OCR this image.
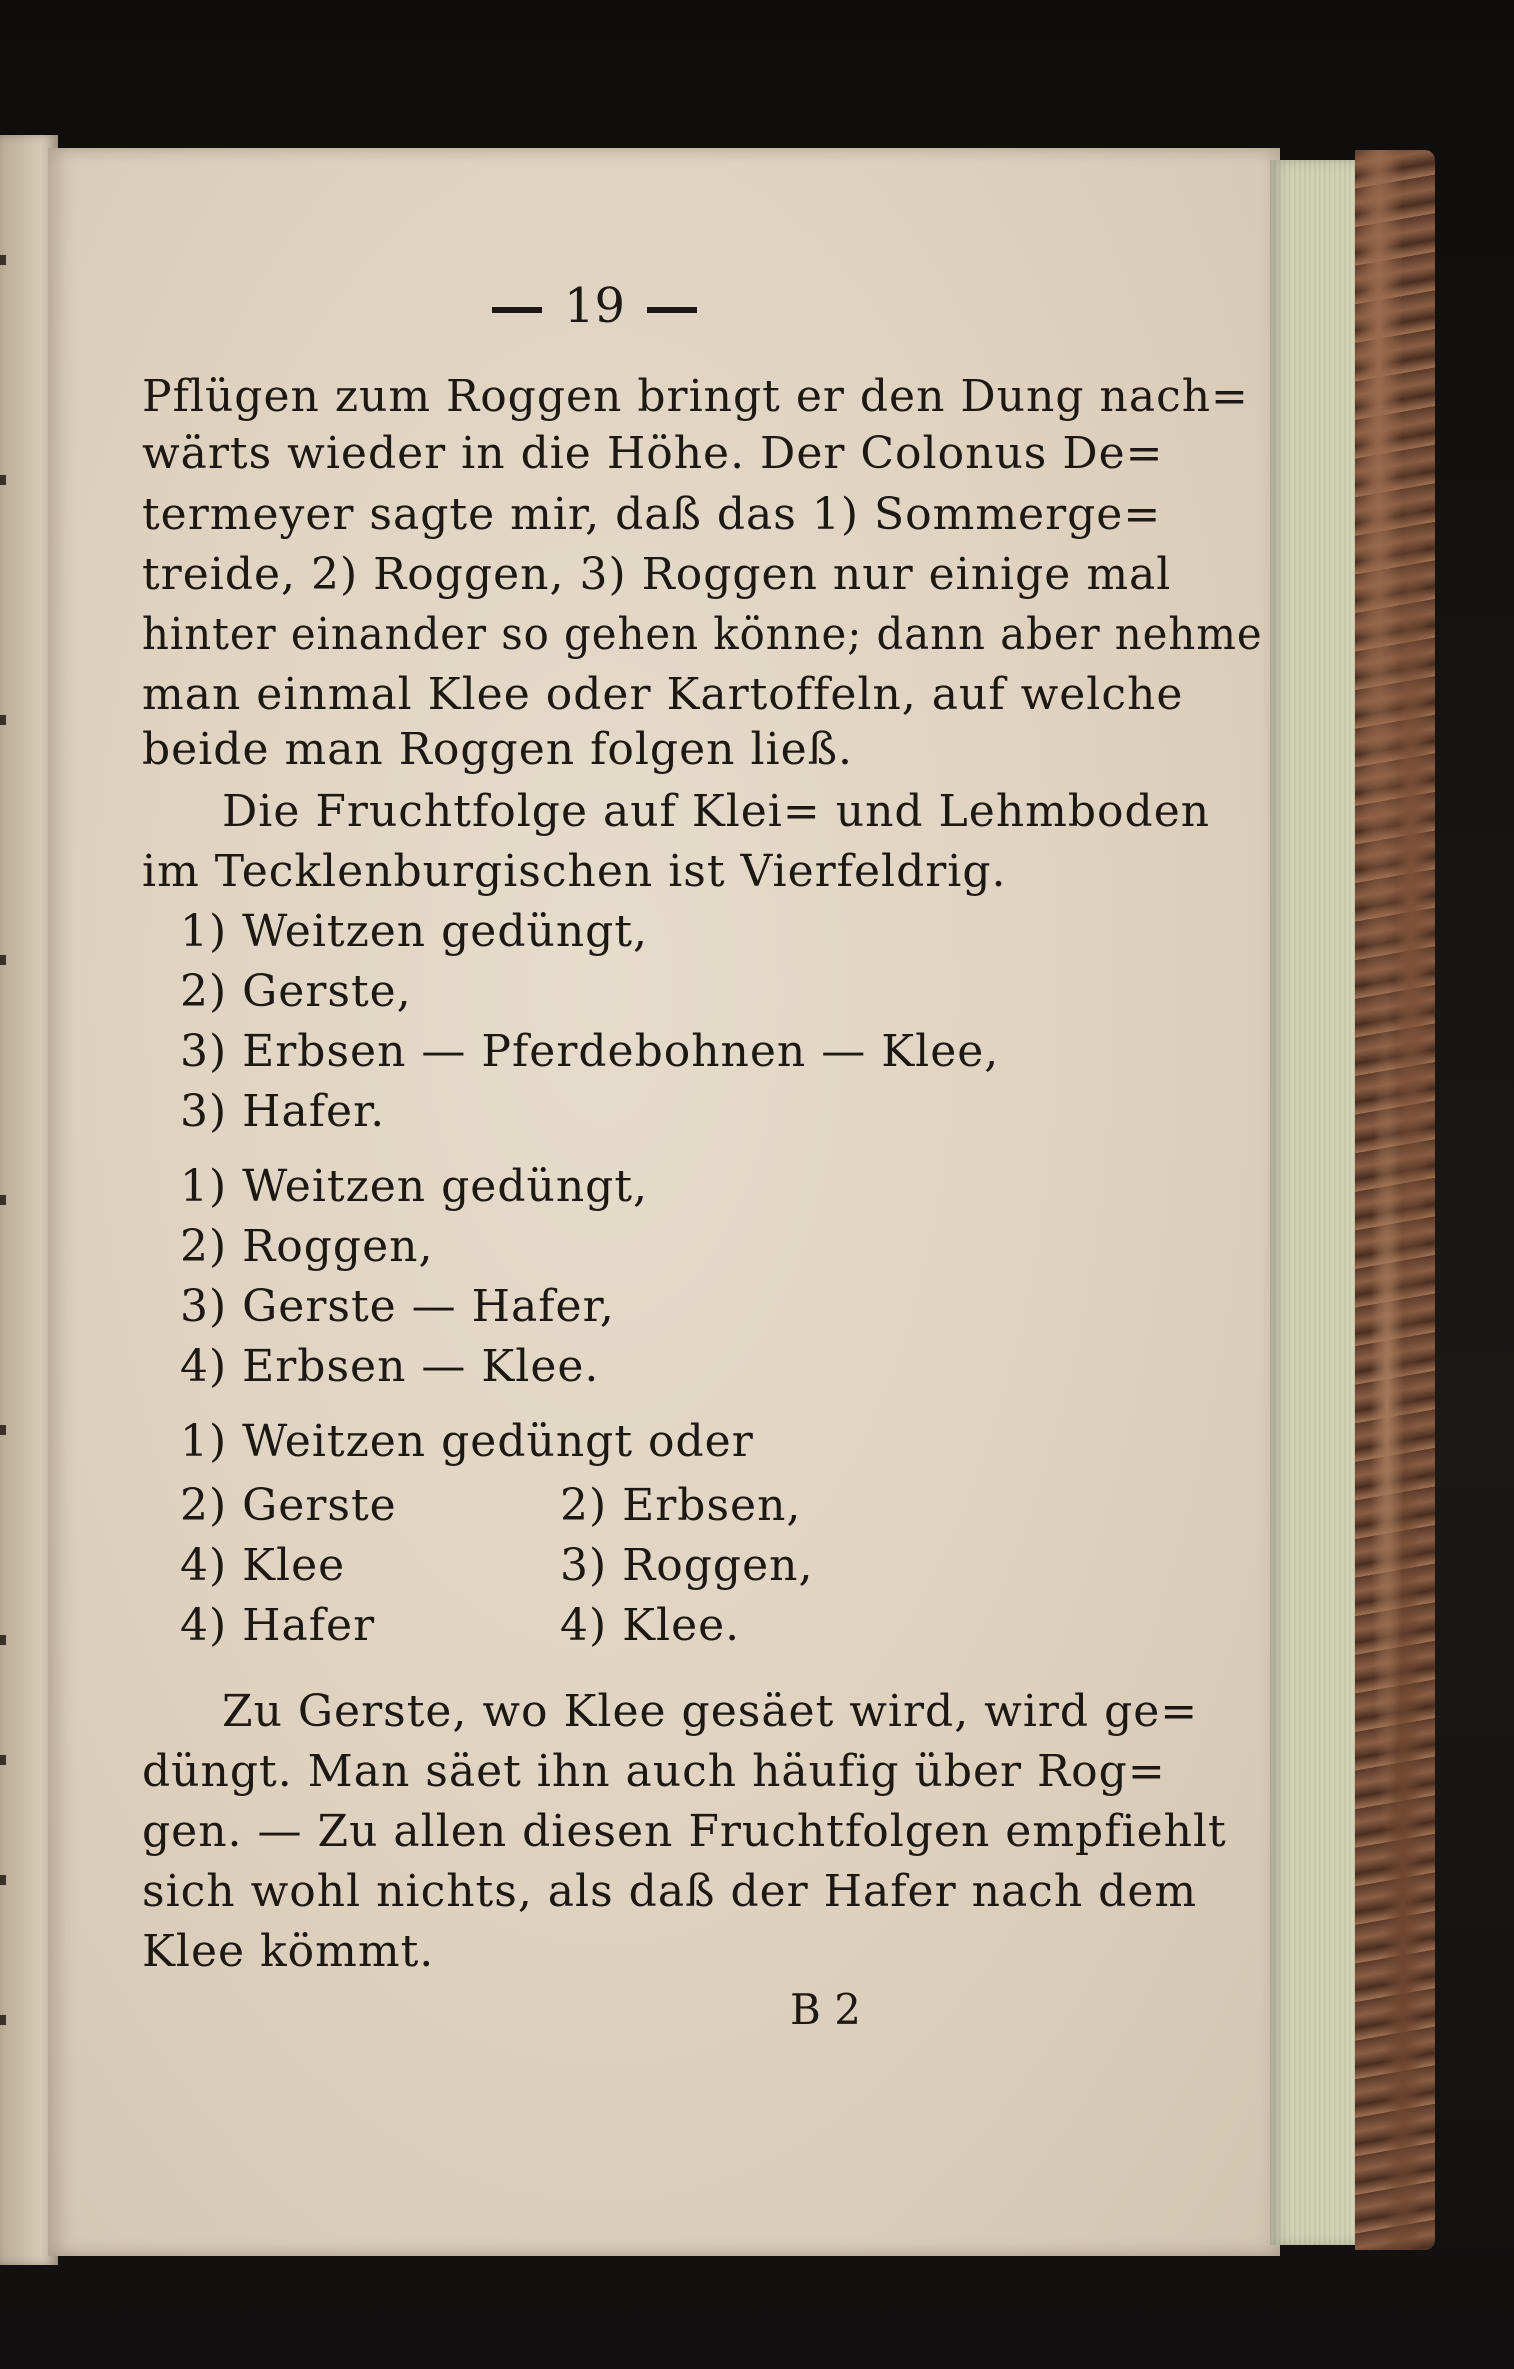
19
Pflügen zum Roggen bringt er den Dung nach=
wärts wieder in die Höhe. Der Colonus De=
termeyer sagte mir, daß das 1) Sommerge=
treide, 2) Roggen, 3) Roggen nur einige mal
hinter einander so gehen könne; dann aber nehme
man einmal Klee oder Kartoffeln, auf welche
beide man Roggen folgen ließ.
Die Fruchtfolge auf Klei= und Lehmboden
im Tecklenburgischen ist Vierfeldrig.
1) Weitzen gedüngt,
2) Gerste,
3) Erbsen — Pferdebohnen — Klee,
3) Hafer.
1) Weitzen gedüngt,
2) Roggen,
3) Gerste — Hafer,
4) Erbsen — Klee.
1) Weitzen gedüngt oder
2) Gerste
4) Klee
4) Hafer
2) Erbsen,
3) Roggen,
4) Klee.
Zu Gerste, wo Klee gesäet wird, wird ge=
düngt. Man säet ihn auch häufig über Rog=
gen. — Zu allen diesen Fruchtfolgen empfiehlt
sich wohl nichts, als daß der Hafer nach dem
Klee kömmt.
B 2
